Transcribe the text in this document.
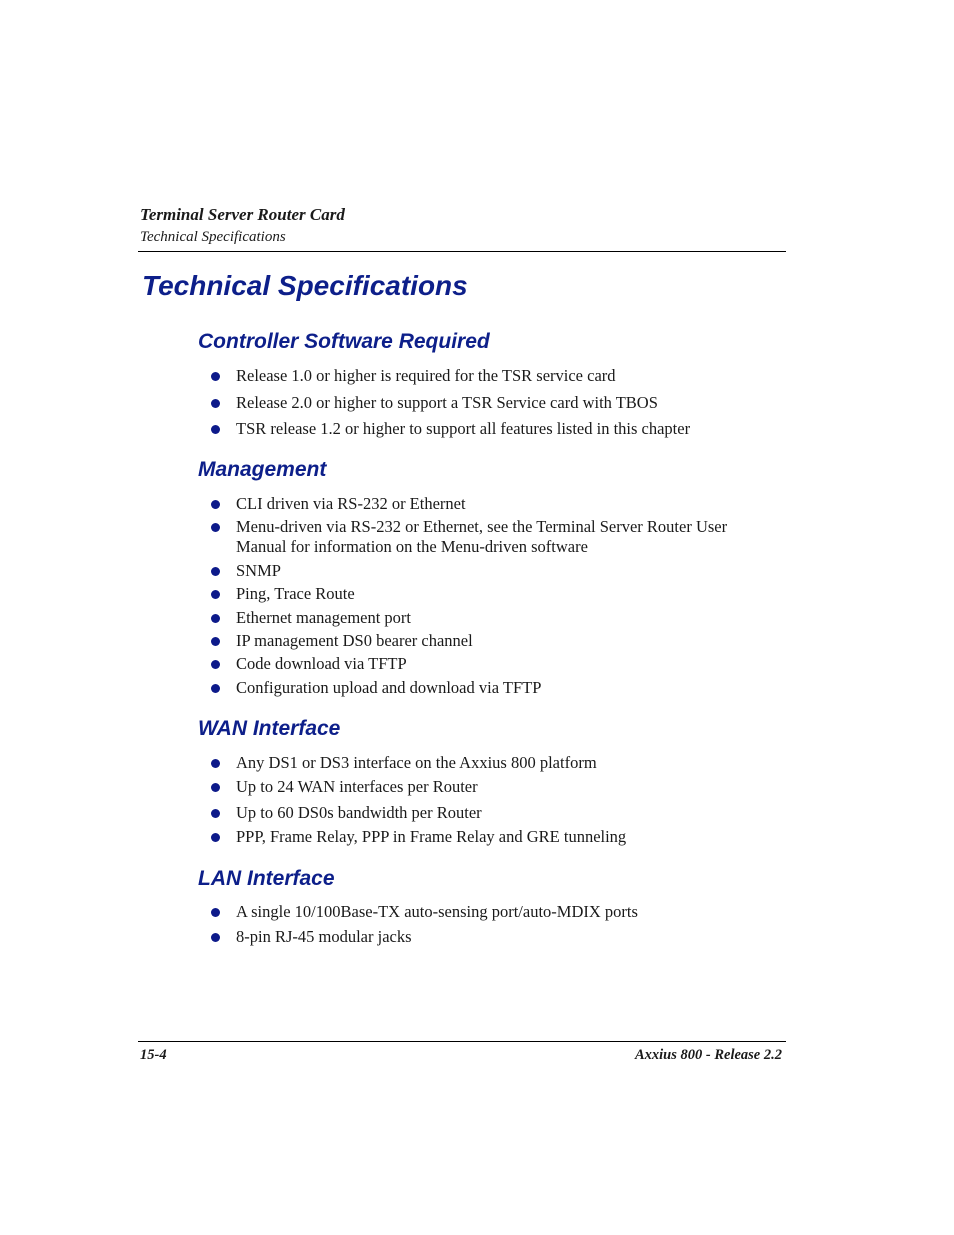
Terminal Server Router Card
Technical Specifications
Technical Specifications
Controller Software Required
Release 1.0 or higher is required for the TSR service card
Release 2.0 or higher to support a TSR Service card with TBOS
TSR release 1.2 or higher to support all features listed in this chapter
Management
CLI driven via RS-232 or Ethernet
Menu-driven via RS-232 or Ethernet, see the Terminal Server Router User Manual for information on the Menu-driven software
SNMP
Ping, Trace Route
Ethernet management port
IP management DS0 bearer channel
Code download via TFTP
Configuration upload and download via TFTP
WAN Interface
Any DS1 or DS3 interface on the Axxius 800 platform
Up to 24 WAN interfaces per Router
Up to 60 DS0s bandwidth per Router
PPP, Frame Relay, PPP in Frame Relay and GRE tunneling
LAN Interface
A single 10/100Base-TX auto-sensing port/auto-MDIX ports
8-pin RJ-45 modular jacks
15-4	Axxius 800 - Release 2.2
